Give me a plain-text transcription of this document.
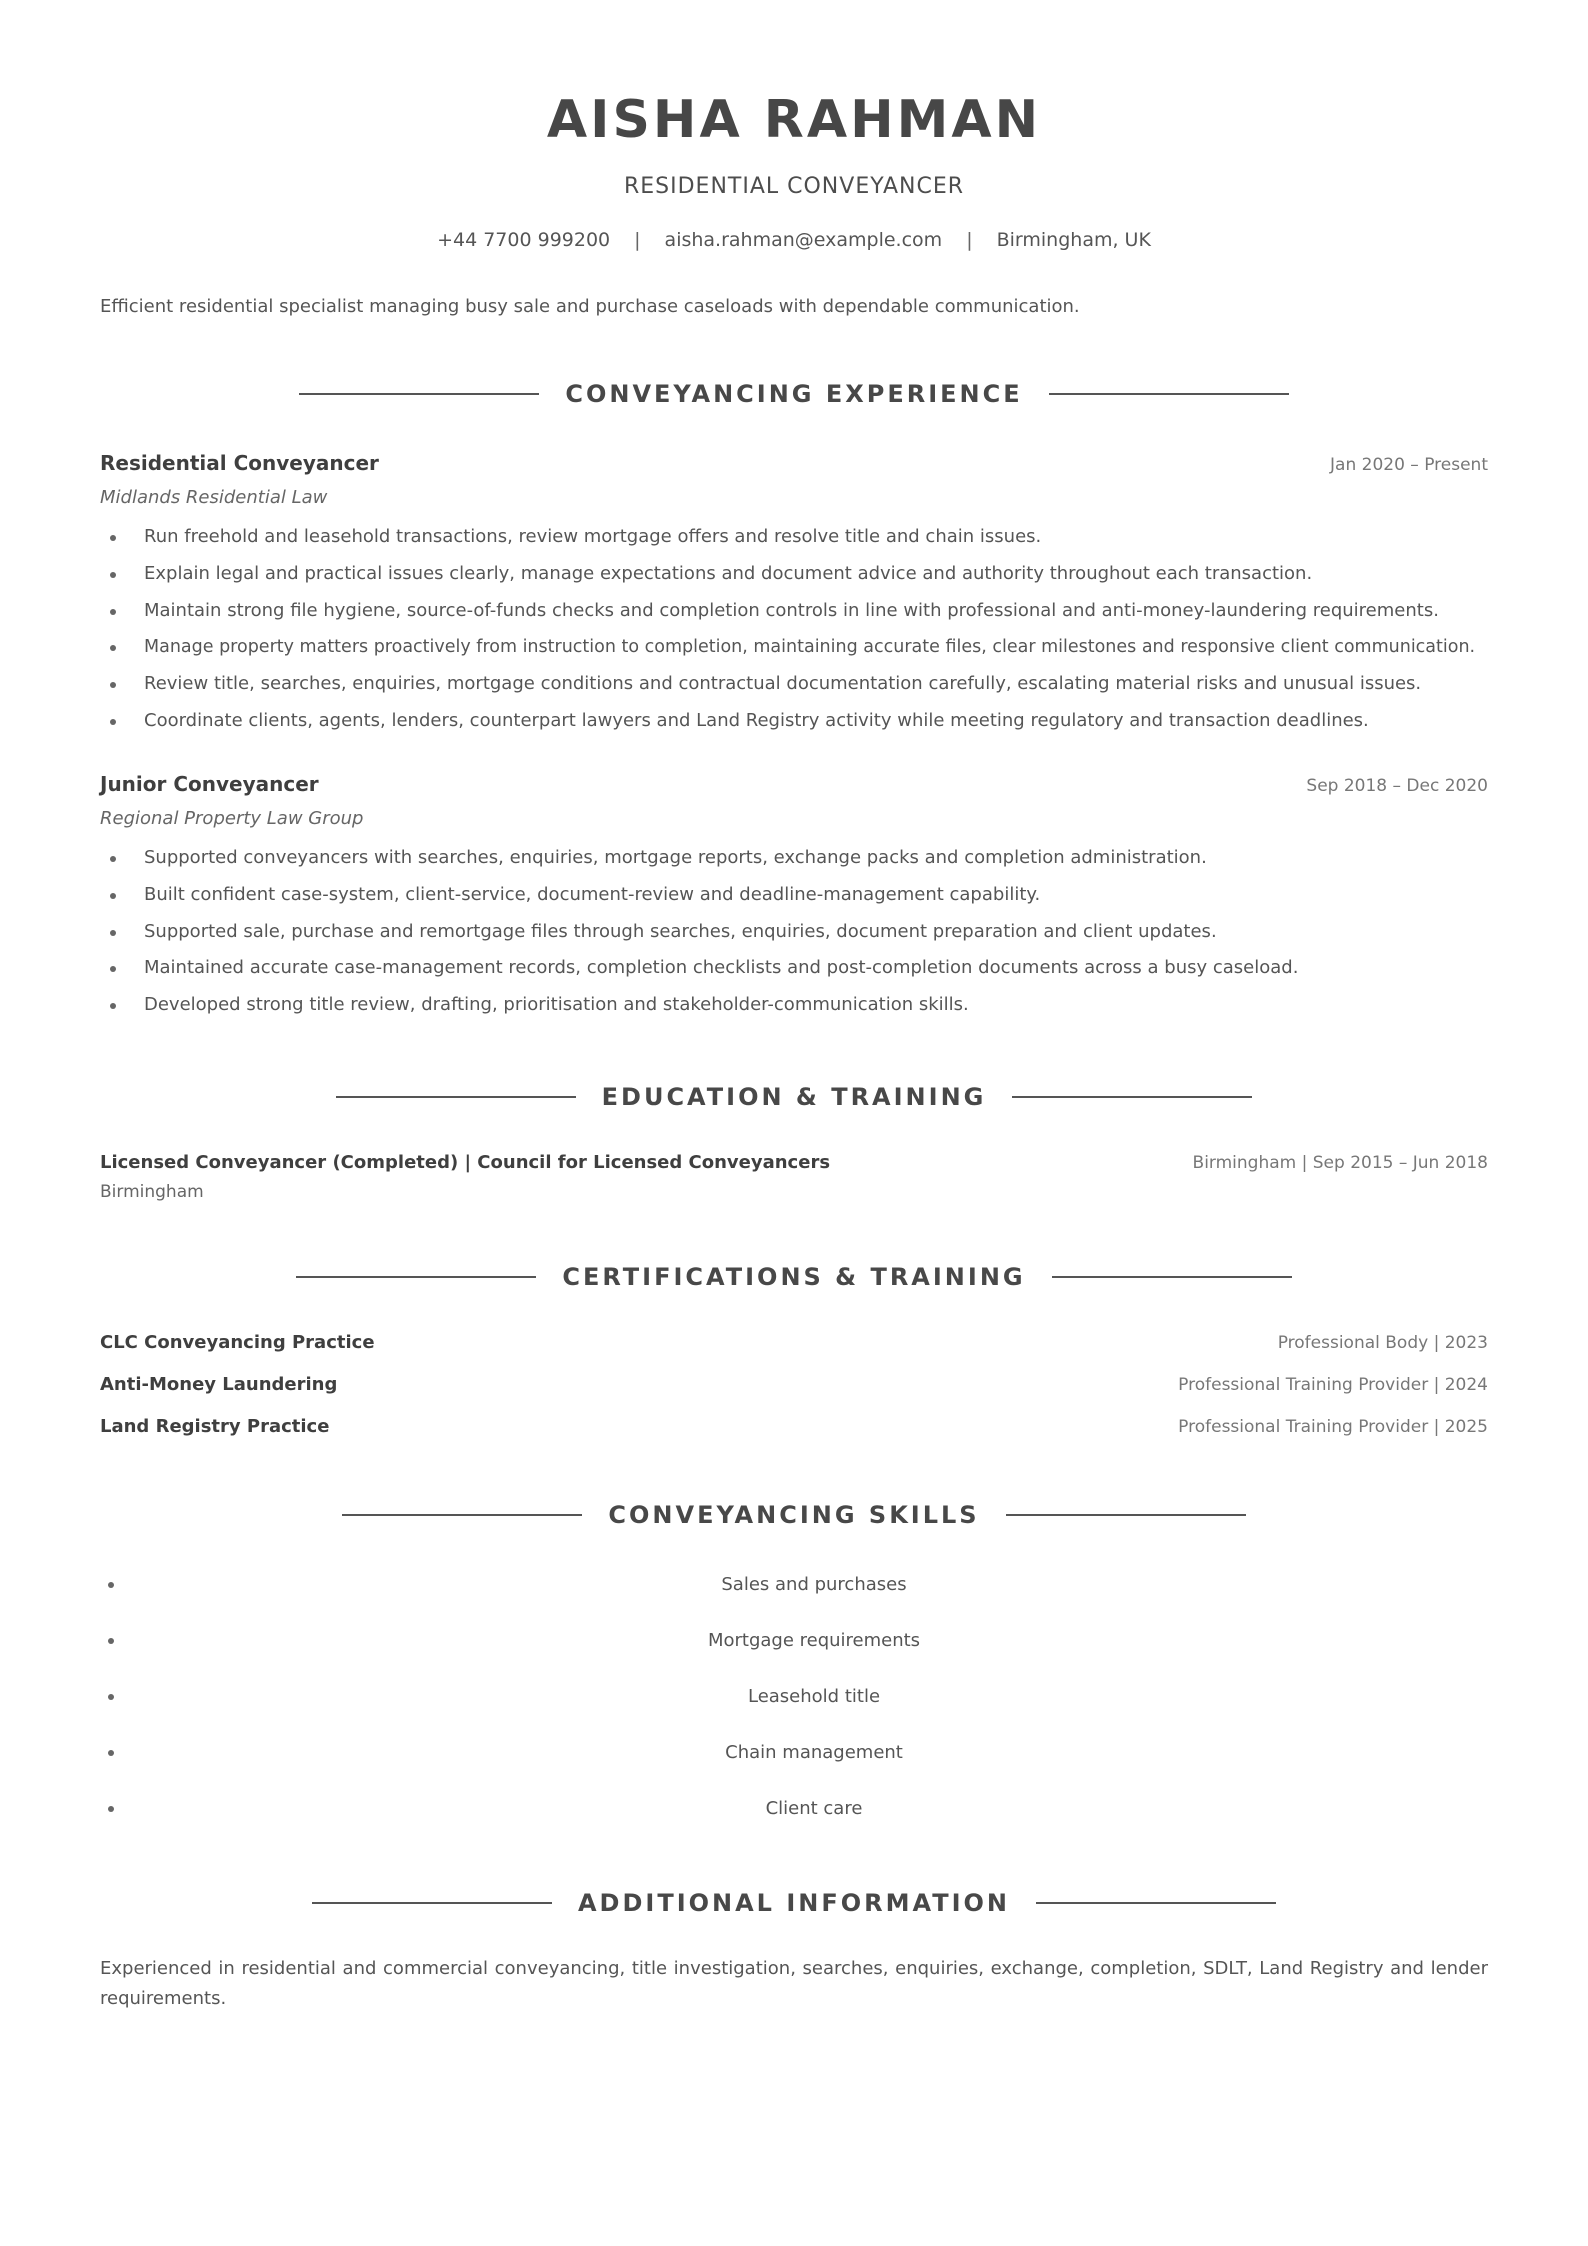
AISHA RAHMAN
RESIDENTIAL CONVEYANCER
+44 7700 999200 | aisha.rahman@example.com | Birmingham, UK
Efficient residential specialist managing busy sale and purchase caseloads with dependable communication.
CONVEYANCING EXPERIENCE
Residential Conveyancer	Jan 2020 – Present
Midlands Residential Law
Run freehold and leasehold transactions, review mortgage offers and resolve title and chain issues.
Explain legal and practical issues clearly, manage expectations and document advice and authority throughout each transaction.
Maintain strong file hygiene, source-of-funds checks and completion controls in line with professional and anti-money-laundering requirements.
Manage property matters proactively from instruction to completion, maintaining accurate files, clear milestones and responsive client communication.
Review title, searches, enquiries, mortgage conditions and contractual documentation carefully, escalating material risks and unusual issues.
Coordinate clients, agents, lenders, counterpart lawyers and Land Registry activity while meeting regulatory and transaction deadlines.
Junior Conveyancer	Sep 2018 – Dec 2020
Regional Property Law Group
Supported conveyancers with searches, enquiries, mortgage reports, exchange packs and completion administration.
Built confident case-system, client-service, document-review and deadline-management capability.
Supported sale, purchase and remortgage files through searches, enquiries, document preparation and client updates.
Maintained accurate case-management records, completion checklists and post-completion documents across a busy caseload.
Developed strong title review, drafting, prioritisation and stakeholder-communication skills.
EDUCATION & TRAINING
Licensed Conveyancer (Completed) | Council for Licensed Conveyancers	Birmingham | Sep 2015 – Jun 2018
Birmingham
CERTIFICATIONS & TRAINING
CLC Conveyancing Practice	Professional Body | 2023
Anti-Money Laundering	Professional Training Provider | 2024
Land Registry Practice	Professional Training Provider | 2025
CONVEYANCING SKILLS
Sales and purchases
Mortgage requirements
Leasehold title
Chain management
Client care
ADDITIONAL INFORMATION
Experienced in residential and commercial conveyancing, title investigation, searches, enquiries, exchange, completion, SDLT, Land Registry and lender requirements.
